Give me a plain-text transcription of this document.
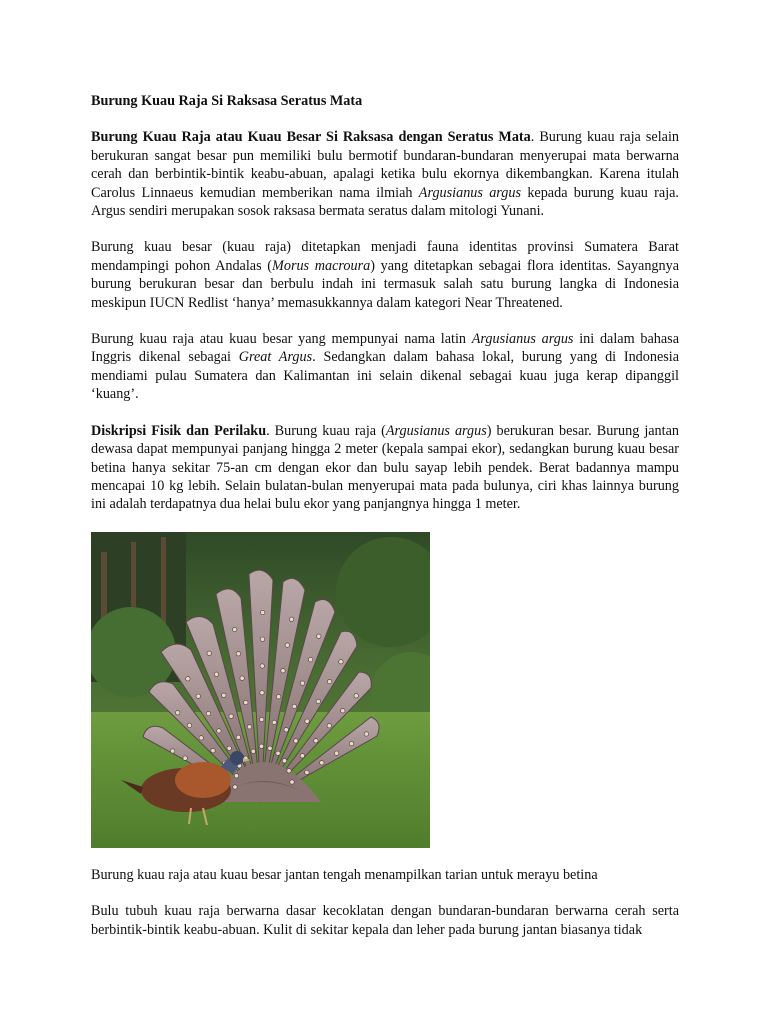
Burung Kuau Raja Si Raksasa Seratus Mata

Burung Kuau Raja atau Kuau Besar Si Raksasa dengan Seratus Mata. Burung kuau raja selain berukuran sangat besar pun memiliki bulu bermotif bundaran-bundaran menyerupai mata berwarna cerah dan berbintik-bintik keabu-abuan, apalagi ketika bulu ekornya dikembangkan. Karena itulah Carolus Linnaeus kemudian memberikan nama ilmiah Argusianus argus kepada burung kuau raja. Argus sendiri merupakan sosok raksasa bermata seratus dalam mitologi Yunani.

Burung kuau besar (kuau raja) ditetapkan menjadi fauna identitas provinsi Sumatera Barat mendampingi pohon Andalas (Morus macroura) yang ditetapkan sebagai flora identitas. Sayangnya burung berukuran besar dan berbulu indah ini termasuk salah satu burung langka di Indonesia meskipun IUCN Redlist ‘hanya’ memasukkannya dalam kategori Near Threatened.

Burung kuau raja atau kuau besar yang mempunyai nama latin Argusianus argus ini dalam bahasa Inggris dikenal sebagai Great Argus. Sedangkan dalam bahasa lokal, burung yang di Indonesia mendiami pulau Sumatera dan Kalimantan ini selain dikenal sebagai kuau juga kerap dipanggil ‘kuang’.

Diskripsi Fisik dan Perilaku. Burung kuau raja (Argusianus argus) berukuran besar. Burung jantan dewasa dapat mempunyai panjang hingga 2 meter (kepala sampai ekor), sedangkan burung kuau besar betina hanya sekitar 75-an cm dengan ekor dan bulu sayap lebih pendek. Berat badannya mampu mencapai 10 kg lebih. Selain bulatan-bulan menyerupai mata pada bulunya, ciri khas lainnya burung ini adalah terdapatnya dua helai bulu ekor yang panjangnya hingga 1 meter.

Burung kuau raja atau kuau besar jantan tengah menampilkan tarian untuk merayu betina

Bulu tubuh kuau raja berwarna dasar kecoklatan dengan bundaran-bundaran berwarna cerah serta berbintik-bintik keabu-abuan. Kulit di sekitar kepala dan leher pada burung jantan biasanya tidak
